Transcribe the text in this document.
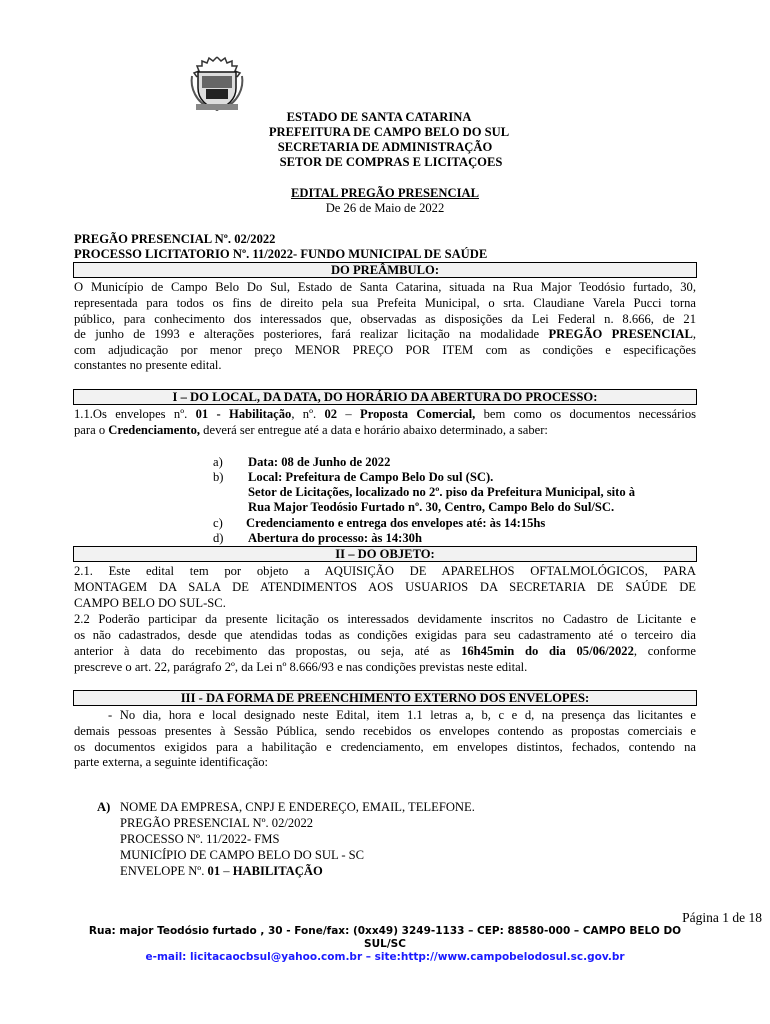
ESTADO DE SANTA CATARINA
PREFEITURA DE CAMPO BELO DO SUL
SECRETARIA DE ADMINISTRAÇÃO
SETOR DE COMPRAS E LICITAÇOES
EDITAL PREGÃO PRESENCIAL
De 26 de Maio de 2022
PREGÃO PRESENCIAL Nº. 02/2022
PROCESSO LICITATORIO Nº. 11/2022- FUNDO MUNICIPAL DE SAÚDE
DO PREÂMBULO:
O Município de Campo Belo Do Sul, Estado de Santa Catarina, situada na Rua Major Teodósio furtado, 30,
representada para todos os fins de direito pela sua Prefeita Municipal, o srta. Claudiane Varela Pucci torna
público, para conhecimento dos interessados que, observadas as disposições da Lei Federal n. 8.666, de 21
de junho de 1993 e alterações posteriores, fará realizar licitação na modalidade PREGÃO PRESENCIAL,
com adjudicação por menor preço MENOR PREÇO POR ITEM com as condições e especificações
constantes no presente edital.
I – DO LOCAL, DA DATA, DO HORÁRIO DA ABERTURA DO PROCESSO:
1.1.Os envelopes nº. 01 - Habilitação, nº. 02 – Proposta Comercial, bem como os documentos necessários
para o Credenciamento, deverá ser entregue até a data e horário abaixo determinado, a saber:
a) Data: 08 de Junho de 2022
b) Local: Prefeitura de Campo Belo Do sul (SC).
Setor de Licitações, localizado no 2º. piso da Prefeitura Municipal, sito à
Rua Major Teodósio Furtado nº. 30, Centro, Campo Belo do Sul/SC.
c) Credenciamento e entrega dos envelopes até: às 14:15hs
d) Abertura do processo: às 14:30h
II – DO OBJETO:
2.1. Este edital tem por objeto a AQUISIÇÃO DE APARELHOS OFTALMOLÓGICOS, PARA
MONTAGEM DA SALA DE ATENDIMENTOS AOS USUARIOS DA SECRETARIA DE SAÚDE DE
CAMPO BELO DO SUL-SC.
2.2 Poderão participar da presente licitação os interessados devidamente inscritos no Cadastro de Licitante e
os não cadastrados, desde que atendidas todas as condições exigidas para seu cadastramento até o terceiro dia
anterior à data do recebimento das propostas, ou seja, até as 16h45min do dia 05/06/2022, conforme
prescreve o art. 22, parágrafo 2º, da Lei nº 8.666/93 e nas condições previstas neste edital.
III - DA FORMA DE PREENCHIMENTO EXTERNO DOS ENVELOPES:
- No dia, hora e local designado neste Edital, item 1.1 letras a, b, c e d, na presença das licitantes e
demais pessoas presentes à Sessão Pública, sendo recebidos os envelopes contendo as propostas comerciais e
os documentos exigidos para a habilitação e credenciamento, em envelopes distintos, fechados, contendo na
parte externa, a seguinte identificação:
A) NOME DA EMPRESA, CNPJ E ENDEREÇO, EMAIL, TELEFONE.
PREGÃO PRESENCIAL Nº. 02/2022
PROCESSO Nº. 11/2022- FMS
MUNICÍPIO DE CAMPO BELO DO SUL - SC
ENVELOPE Nº. 01 – HABILITAÇÃO
Página 1 de 18
Rua: major Teodósio furtado , 30 - Fone/fax: (0xx49) 3249-1133 – CEP: 88580-000 – CAMPO BELO DO
SUL/SC
e-mail: licitacaocbsul@yahoo.com.br – site:http://www.campobelodosul.sc.gov.br
